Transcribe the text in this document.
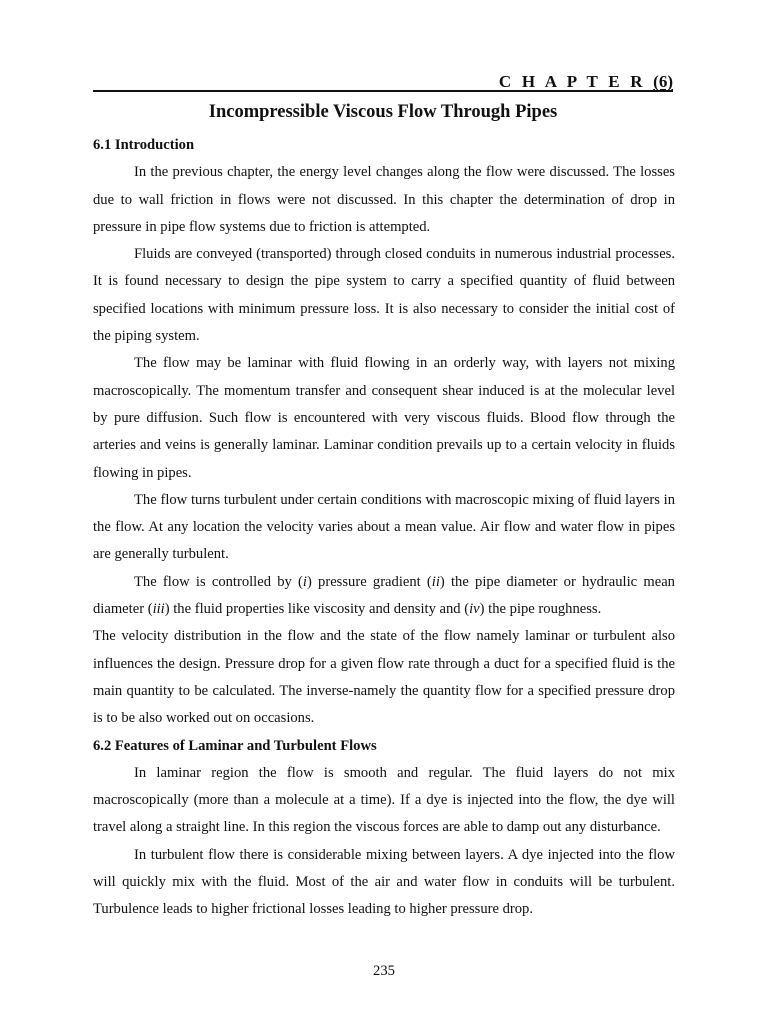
C H A P T E R (6)
Incompressible Viscous Flow Through Pipes
6.1 Introduction

In the previous chapter, the energy level changes along the flow were discussed. The losses due to wall friction in flows were not discussed. In this chapter the determination of drop in pressure in pipe flow systems due to friction is attempted.

Fluids are conveyed (transported) through closed conduits in numerous industrial processes. It is found necessary to design the pipe system to carry a specified quantity of fluid between specified locations with minimum pressure loss. It is also necessary to consider the initial cost of the piping system.

The flow may be laminar with fluid flowing in an orderly way, with layers not mixing macroscopically. The momentum transfer and consequent shear induced is at the molecular level by pure diffusion. Such flow is encountered with very viscous fluids. Blood flow through the arteries and veins is generally laminar. Laminar condition prevails up to a certain velocity in fluids flowing in pipes.

The flow turns turbulent under certain conditions with macroscopic mixing of fluid layers in the flow. At any location the velocity varies about a mean value. Air flow and water flow in pipes are generally turbulent.

The flow is controlled by (i) pressure gradient (ii) the pipe diameter or hydraulic mean diameter (iii) the fluid properties like viscosity and density and (iv) the pipe roughness.

The velocity distribution in the flow and the state of the flow namely laminar or turbulent also influences the design. Pressure drop for a given flow rate through a duct for a specified fluid is the main quantity to be calculated. The inverse-namely the quantity flow for a specified pressure drop is to be also worked out on occasions.

6.2 Features of Laminar and Turbulent Flows

In laminar region the flow is smooth and regular. The fluid layers do not mix macroscopically (more than a molecule at a time). If a dye is injected into the flow, the dye will travel along a straight line. In this region the viscous forces are able to damp out any disturbance.

In turbulent flow there is considerable mixing between layers. A dye injected into the flow will quickly mix with the fluid. Most of the air and water flow in conduits will be turbulent. Turbulence leads to higher frictional losses leading to higher pressure drop.

235
